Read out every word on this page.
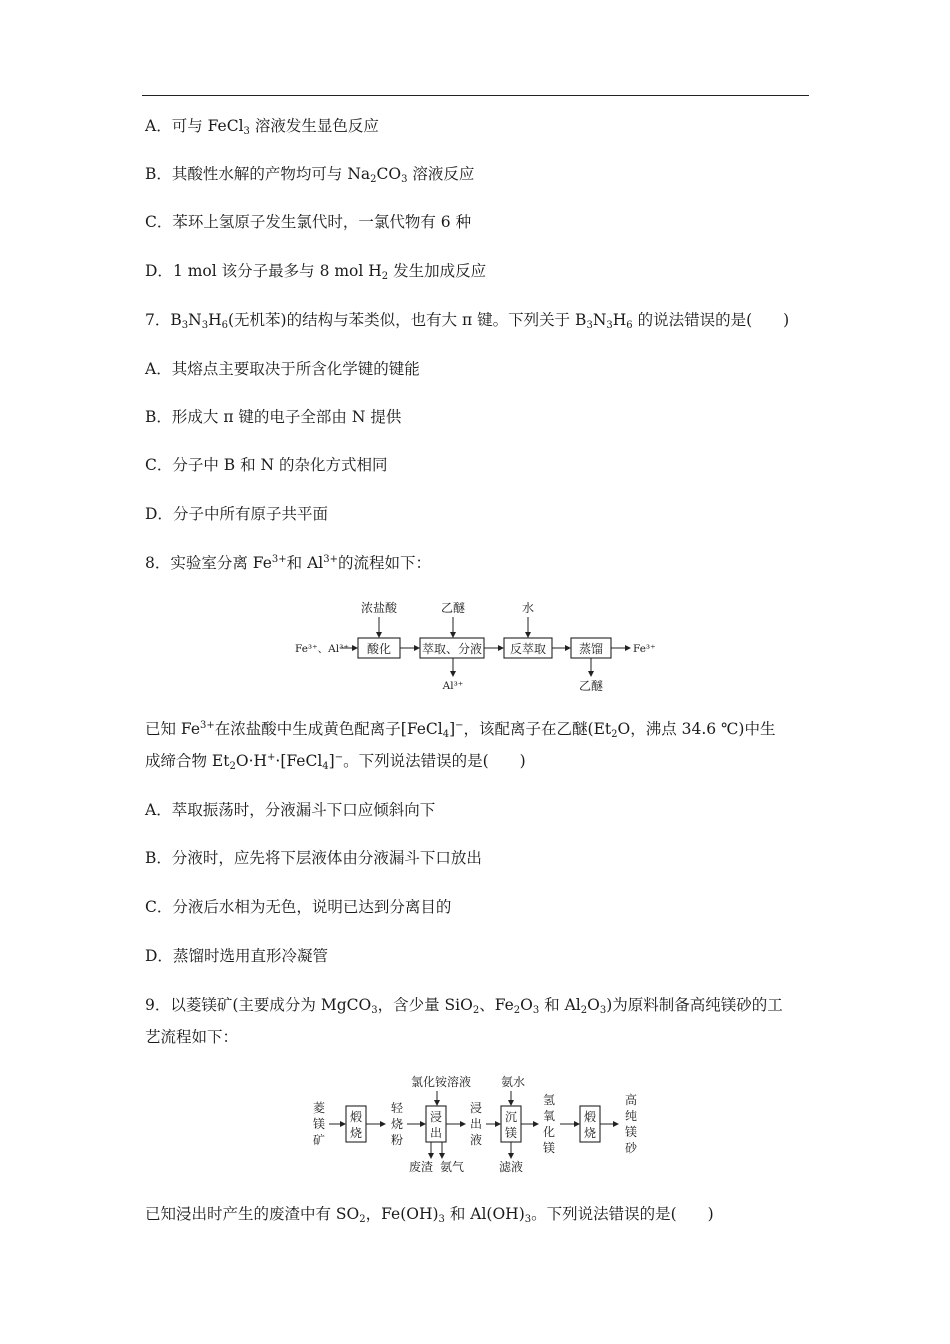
A．可与 FeCl$_3$ 溶液发生显色反应
B．其酸性水解的产物均可与 $Na_2CO_3$ 溶液反应
C．苯环上氢原子发生氯代时，一氯代物有 6 种
D．1 mol 该分子最多与 8 mol $H_2$ 发生加成反应
7．$B_3N_3H_6$(无机苯)的结构与苯类似，也有大 π 键。下列关于 $B_3N_3H_6$ 的说法错误的是(　　)
A．其熔点主要取决于所含化学键的键能
B．形成大 π 键的电子全部由 N 提供
C．分子中 B 和 N 的杂化方式相同
D．分子中所有原子共平面
8．实验室分离 $Fe^{3+}$和 $Al^{3+}$的流程如下：
Fe³⁺、Al³⁺ 酸化
浓盐酸
萃取、分液
乙醚
Al³⁺
反萃取
水
蒸馏
乙醚
Fe³⁺
已知 $Fe^{3+}$在浓盐酸中生成黄色配离子[FeCl$_4$]−，该配离子在乙醚($Et_2O$，沸点 34.6 ℃)中生
成缔合物 $Et_2O\cdot H^+\cdot[FeCl_4]^-$。下列说法错误的是(　　)
A．萃取振荡时，分液漏斗下口应倾斜向下
B．分液时，应先将下层液体由分液漏斗下口放出
C．分液后水相为无色，说明已达到分离目的
D．蒸馏时选用直形冷凝管
9．以菱镁矿(主要成分为 MgCO$_3$，含少量 SiO$_2$、$Fe_2O_3$ 和 $Al_2O_3$)为原料制备高纯镁砂的工
艺流程如下：
菱
镁
矿
煅
烧
轻
烧
粉
氯化铵溶液
浸
出
废渣 氨气
浸
出
液
氨水
沉
镁
滤液
氢
氧
化
镁
煅
烧
高
纯
镁
砂
已知浸出时产生的废渣中有 $SO_2$，$Fe(OH)_3$ 和 $Al(OH)_3$。下列说法错误的是(　　)
